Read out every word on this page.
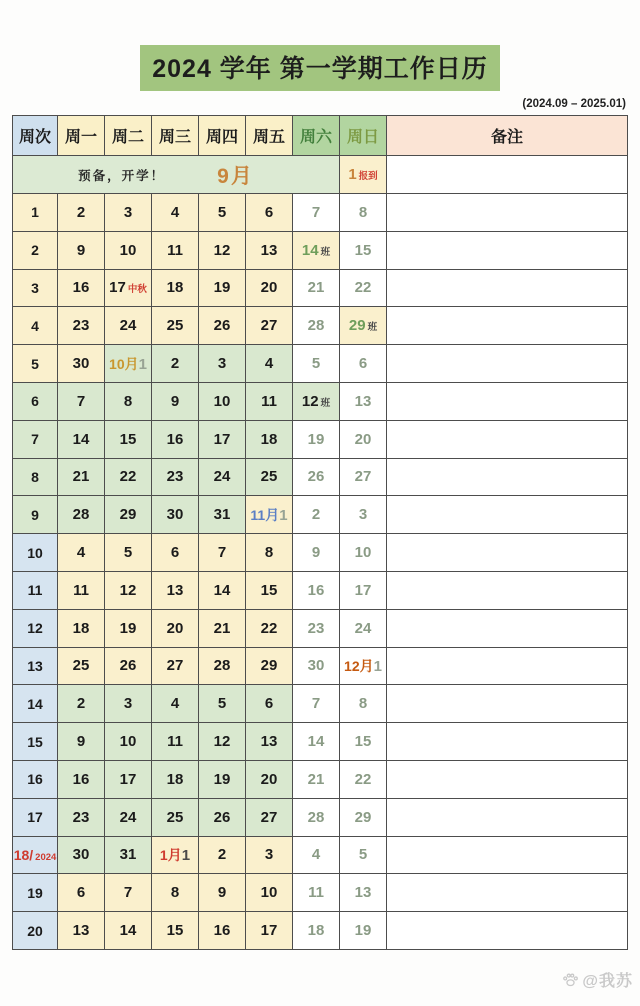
2024 学年 第一学期工作日历
(2024.09 – 2025.01)
周次	周一	周二	周三	周四	周五	周六	周日	备注

预备，开学！ 9月							1 报到	
1	2	3	4	5	6	7	8	
2	9	10	11	12	13	14 班	15	
3	16	17 中秋	18	19	20	21	22	
4	23	24	25	26	27	28	29 班	
5	30	10月1	2	3	4	5	6	
6	7	8	9	10	11	12 班	13	
7	14	15	16	17	18	19	20	
8	21	22	23	24	25	26	27	
9	28	29	30	31	11月1	2	3	
10	4	5	6	7	8	9	10	
11	11	12	13	14	15	16	17	
12	18	19	20	21	22	23	24	
13	25	26	27	28	29	30	12月1	
14	2	3	4	5	6	7	8	
15	9	10	11	12	13	14	15	
16	16	17	18	19	20	21	22	
17	23	24	25	26	27	28	29	
18/ 2024	30	31	1月1	2	3	4	5	
19	6	7	8	9	10	11	13	
20	13	14	15	16	17	18	19	
@我苏
